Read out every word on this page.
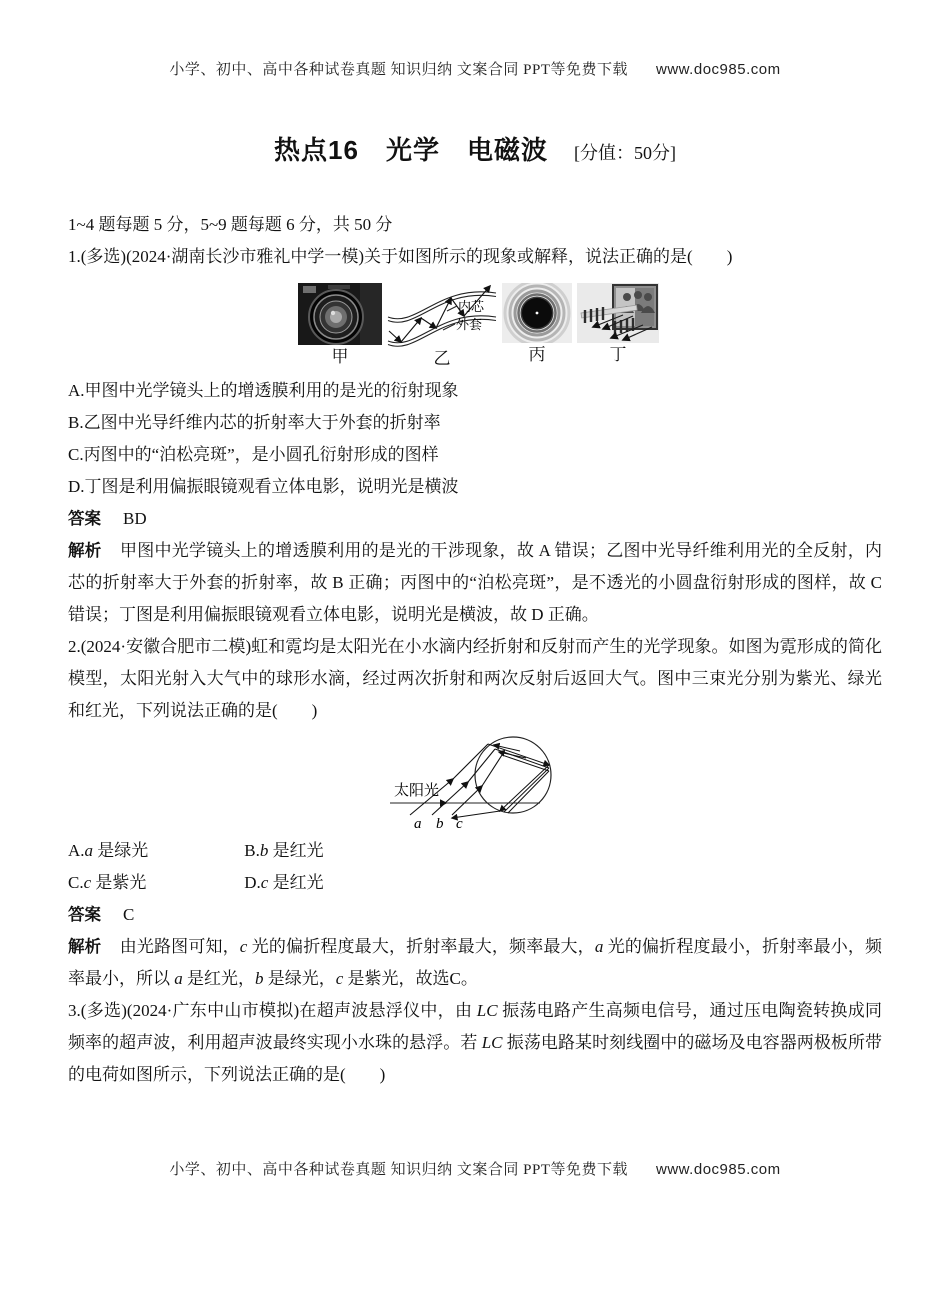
小学、初中、高中各种试卷真题 知识归纳 文案合同 PPT等免费下载 www.doc985.com
热点16　光学　电磁波 [分值：50分]

1~4 题每题 5 分，5~9 题每题 6 分，共 50 分

1.(多选)(2024·湖南长沙市雅礼中学一模)关于如图所示的现象或解释，说法正确的是(　　)

甲
内芯
外套
乙	丙	丁

A.甲图中光学镜头上的增透膜利用的是光的衍射现象

B.乙图中光导纤维内芯的折射率大于外套的折射率

C.丙图中的“泊松亮斑”，是小圆孔衍射形成的图样

D.丁图是利用偏振眼镜观看立体电影，说明光是横波

答案 BD

解析 甲图中光学镜头上的增透膜利用的是光的干涉现象，故 A 错误；乙图中光导纤维利用光的全反射，内芯的折射率大于外套的折射率，故 B 正确；丙图中的“泊松亮斑”，是不透光的小圆盘衍射形成的图样，故 C 错误；丁图是利用偏振眼镜观看立体电影，说明光是横波，故 D 正确。

2.(2024·安徽合肥市二模)虹和霓均是太阳光在小水滴内经折射和反射而产生的光学现象。如图为霓形成的简化模型，太阳光射入大气中的球形水滴，经过两次折射和两次反射后返回大气。图中三束光分别为紫光、绿光和红光，下列说法正确的是(　　)

太阳光
a b c

A.a 是绿光	B.b 是红光

C.c 是紫光	D.c 是红光

答案 C

解析 由光路图可知，c 光的偏折程度最大，折射率最大，频率最大，a 光的偏折程度最小，折射率最小，频率最小，所以 a 是红光，b 是绿光，c 是紫光，故选C。

3.(多选)(2024·广东中山市模拟)在超声波悬浮仪中，由 LC 振荡电路产生高频电信号，通过压电陶瓷转换成同频率的超声波，利用超声波最终实现小水珠的悬浮。若 LC 振荡电路某时刻线圈中的磁场及电容器两极板所带的电荷如图所示，下列说法正确的是(　　)

小学、初中、高中各种试卷真题 知识归纳 文案合同 PPT等免费下载 www.doc985.com
